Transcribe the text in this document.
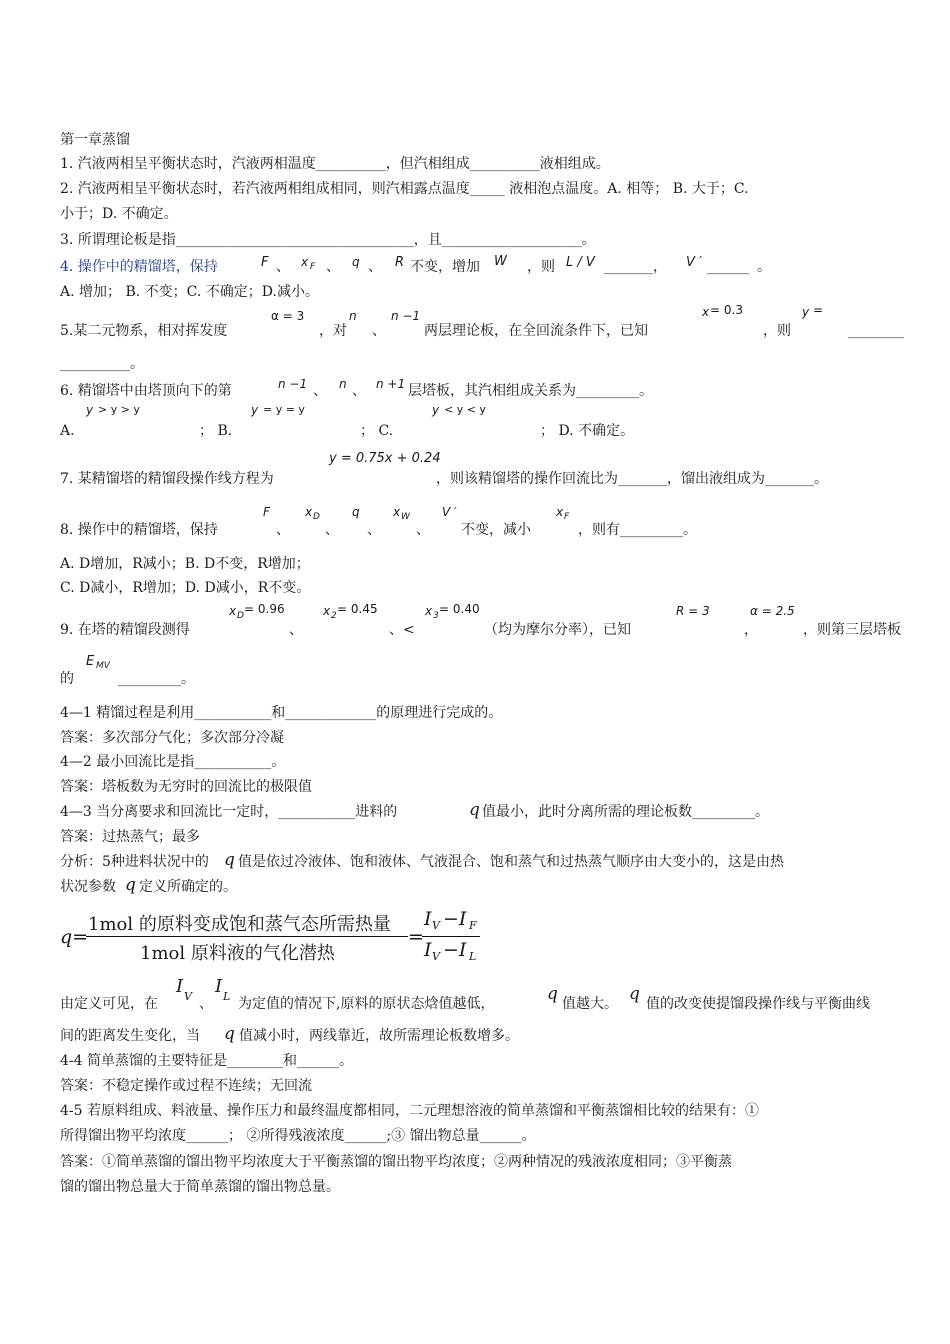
第一章蒸馏
1. 汽液两相呈平衡状态时，汽液两相温度__________，但汽相组成__________液相组成。
2. 汽液两相呈平衡状态时，若汽液两相组成相同，则汽相露点温度_____ 液相泡点温度。A. 相等； B. 大于；C.
小于；D. 不确定。
3. 所谓理论板是指__________________________________，且____________________。
4. 操作中的精馏塔，保持	F 、 x F 、 q 、 R 不变，增加 W ，则 L / V _______， V ′ ______ 。
A. 增加； B. 不变；C. 不确定；D.减小。
α = 3	n	n −1	x = 0.3	y =
5.某二元物系，相对挥发度	，对 、	两层理论板，在全回流条件下，已知	，则	________
__________。
6. 精馏塔中由塔顶向下的第	n −1 、 n 、 n +1 层塔板，其汽相组成关系为_________。
y > y > y	y = y = y	y < y < y
A.	； B.	； C.	； D. 不确定。
y = 0.75x + 0.24
7. 某精馏塔的精馏段操作线方程为	，则该精馏塔的操作回流比为_______，馏出液组成为_______。
F	x D	q	x W	V ′	x F
8. 操作中的精馏塔，保持	、	、 、	、 不变，减小	，则有_________。
A. D增加，R减小；B. D不变，R增加；
C. D减小，R增加；D. D减小，R不变。
x D = 0.96	x 2 = 0.45	x 3 = 0.40	R = 3	α = 2.5
9. 在塔的精馏段测得	、	、<	（均为摩尔分率），已知	，	，则第三层塔板
E MV
的	_________。
4—1 精馏过程是利用___________和_____________的原理进行完成的。
答案：多次部分气化；多次部分冷凝
4—2 最小回流比是指___________。
答案：塔板数为无穷时的回流比的极限值
4—3 当分离要求和回流比一定时，___________进料的	q 值最小，此时分离所需的理论板数_________。
答案：过热蒸气；最多
分析：5种进料状况中的 q 值是依过冷液体、饱和液体、气液混合、饱和蒸气和过热蒸气顺序由大变小的，这是由热
状况参数 q 定义所确定的。
q=
1mol 的原料变成饱和蒸气态所需热量
1mol 原料液的气化潜热
=
I V −I F
I V −I L
I V I L
由定义可见，在	、 为定值的情况下,原料的原状态焓值越低，	q 值越大。 q 值的改变使提馏段操作线与平衡曲线
间的距离发生变化，当 q 值减小时，两线靠近，故所需理论板数增多。
4-4 简单蒸馏的主要特征是________和______。
答案：不稳定操作或过程不连续；无回流
4-5 若原料组成、料液量、操作压力和最终温度都相同，二元理想溶液的简单蒸馏和平衡蒸馏相比较的结果有：①
所得馏出物平均浓度______； ②所得残液浓度______;③ 馏出物总量______。
答案：①简单蒸馏的馏出物平均浓度大于平衡蒸馏的馏出物平均浓度；②两种情况的残液浓度相同；③平衡蒸
馏的馏出物总量大于简单蒸馏的馏出物总量。
